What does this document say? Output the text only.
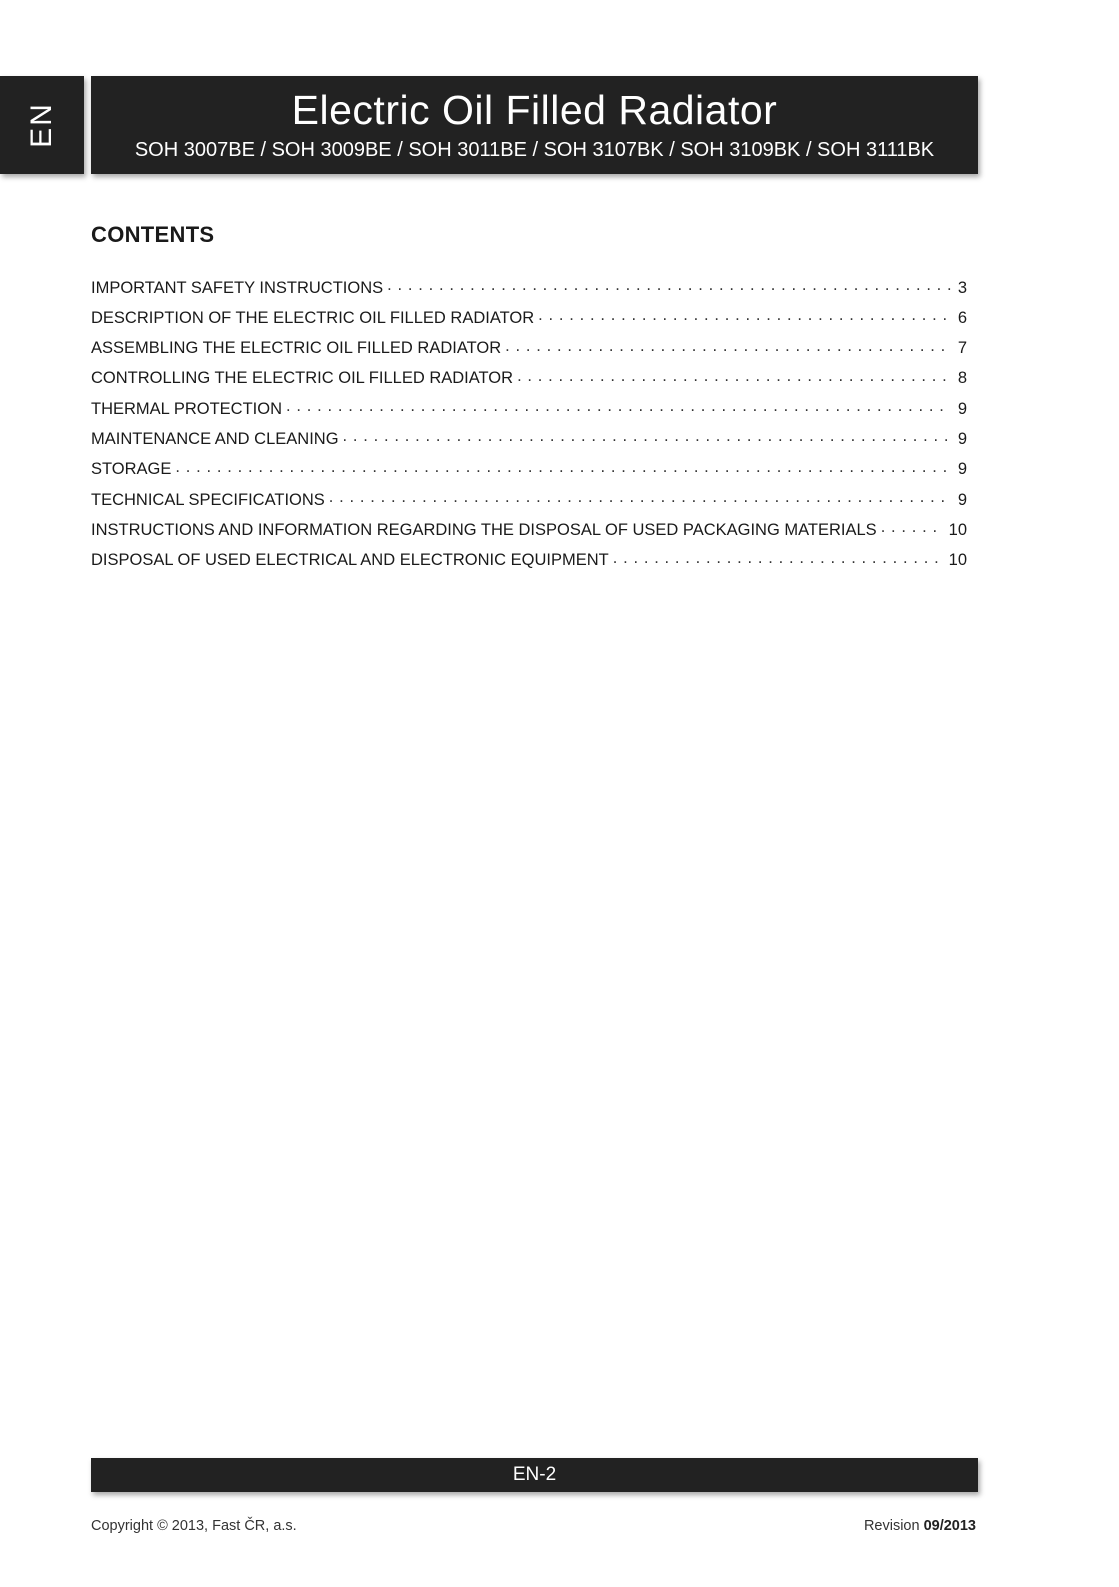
EN	Electric Oil Filled Radiator
SOH 3007BE / SOH 3009BE / SOH 3011BE / SOH 3107BK / SOH 3109BK / SOH 3111BK
CONTENTS
IMPORTANT SAFETY INSTRUCTIONS . . .	3
DESCRIPTION OF THE ELECTRIC OIL FILLED RADIATOR . . .	6
ASSEMBLING THE ELECTRIC OIL FILLED RADIATOR . . .	7
CONTROLLING THE ELECTRIC OIL FILLED RADIATOR . . .	8
THERMAL PROTECTION . . .	9
MAINTENANCE AND CLEANING . . .	9
STORAGE . . .	9
TECHNICAL SPECIFICATIONS . . .	9
INSTRUCTIONS AND INFORMATION REGARDING THE DISPOSAL OF USED PACKAGING MATERIALS . . .	10
DISPOSAL OF USED ELECTRICAL AND ELECTRONIC EQUIPMENT . . .	10
EN-2
Copyright © 2013, Fast ČR, a.s.	Revision 09/2013
